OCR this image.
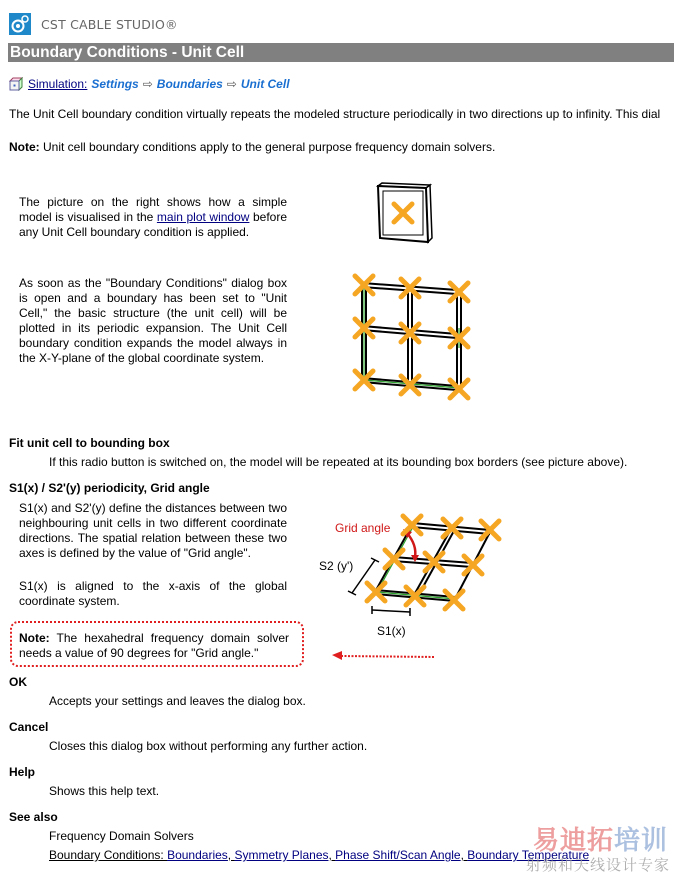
CST CABLE STUDIO®
Boundary Conditions - Unit Cell
Simulation: Settings ⇨ Boundaries ⇨ Unit Cell
The Unit Cell boundary condition virtually repeats the modeled structure periodically in two directions up to infinity. This dial
Note: Unit cell boundary conditions apply to the general purpose frequency domain solvers.
The picture on the right shows how a simple model is visualised in the main plot window before any Unit Cell boundary condition is applied.
As soon as the "Boundary Conditions" dialog box is open and a boundary has been set to "Unit Cell," the basic structure (the unit cell) will be plotted in its periodic expansion. The Unit Cell boundary condition expands the model always in the X-Y-plane of the global coordinate system.
Fit unit cell to bounding box
If this radio button is switched on, the model will be repeated at its bounding box borders (see picture above).
S1(x) / S2'(y) periodicity, Grid angle
S1(x) and S2'(y) define the distances between two neighbouring unit cells in two different coordinate directions. The spatial relation between these two axes is defined by the value of "Grid angle".
S1(x) is aligned to the x-axis of the global coordinate system.
Note: The hexahedral frequency domain solver needs a value of 90 degrees for "Grid angle."
Grid angle
S2 (y')
S1(x)
OK
Accepts your settings and leaves the dialog box.
Cancel
Closes this dialog box without performing any further action.
Help
Shows this help text.
See also
Frequency Domain Solvers
Boundary Conditions: Boundaries, Symmetry Planes, Phase Shift/Scan Angle, Boundary Temperature
易迪拓培训
射频和天线设计专家
